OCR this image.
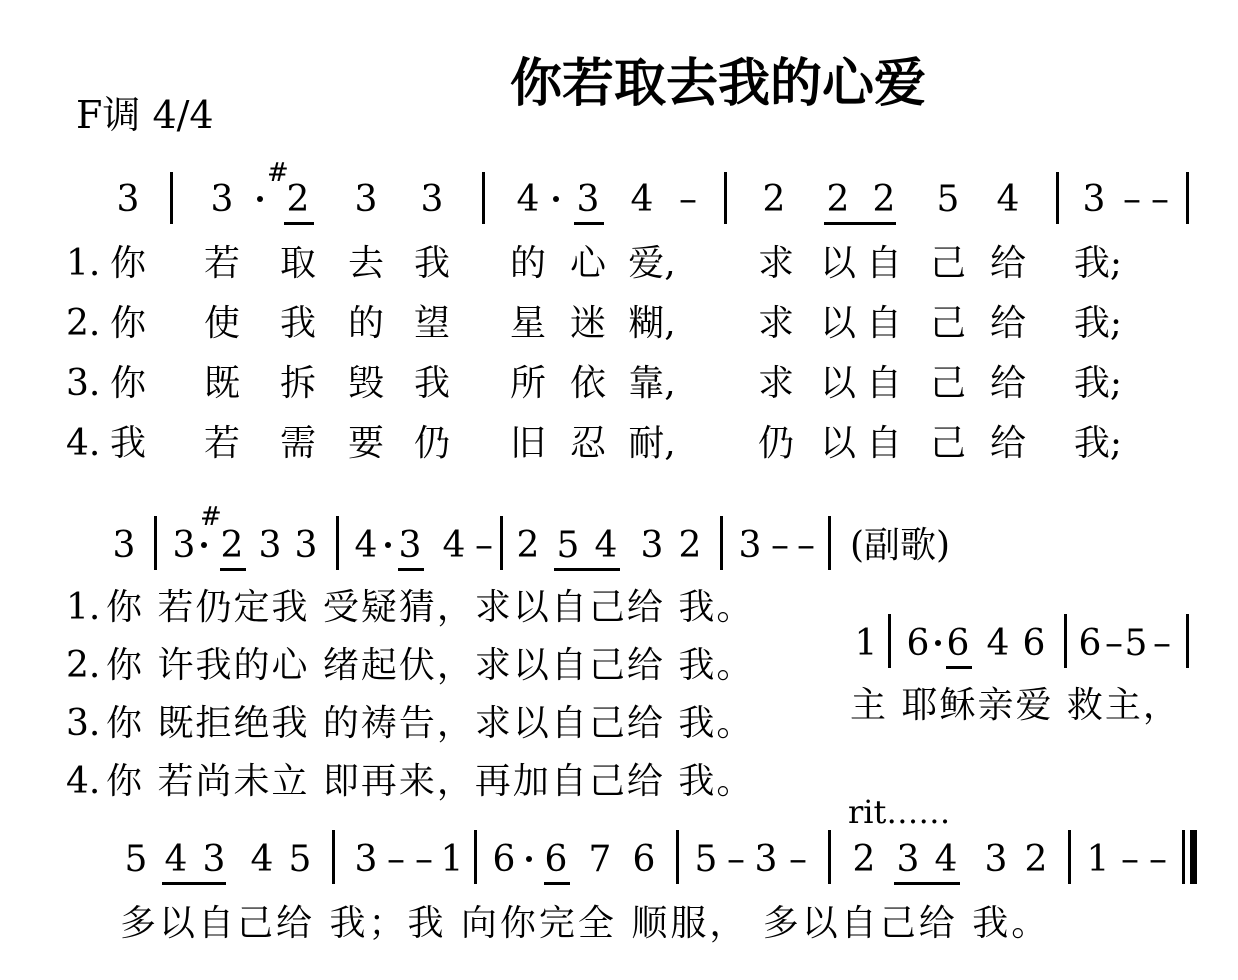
F调 4/4
你若取去我的心爱
3 3
#
2 3 3 4 3 4 – 2 2 2 5 4 3 – –
1. 你 若 取 去 我 的 心 爱, 求 以 自 己 给 我;
2. 你 使 我 的 望 星 迷 糊, 求 以 自 己 给 我;
3. 你 既 拆 毁 我 所 依 靠, 求 以 自 己 给 我;
4. 我 若 需 要 仍 旧 忍 耐, 仍 以 自 己 给 我;
3 3
#
2 3 3 4 3 4 – 2 5 4 3 2 3 – – (副歌)
1. 你 若仍定我 受疑猜，求以自己给 我。
2. 你 许我的心 绪起伏，求以自己给 我。
3. 你 既拒绝我 的祷告，求以自己给 我。
4. 你 若尚未立 即再来，再加自己给 我。
1 6 6 4 6 6 – 5 –
主 耶稣亲爱 救主，
rit……
5 4 3 4 5 3 – – 1 6 6 7 6 5 – 3 – 2 3 4 3 2 1 – –
多以自己给 我；我 向你完全 顺服， 多以自己给 我。
